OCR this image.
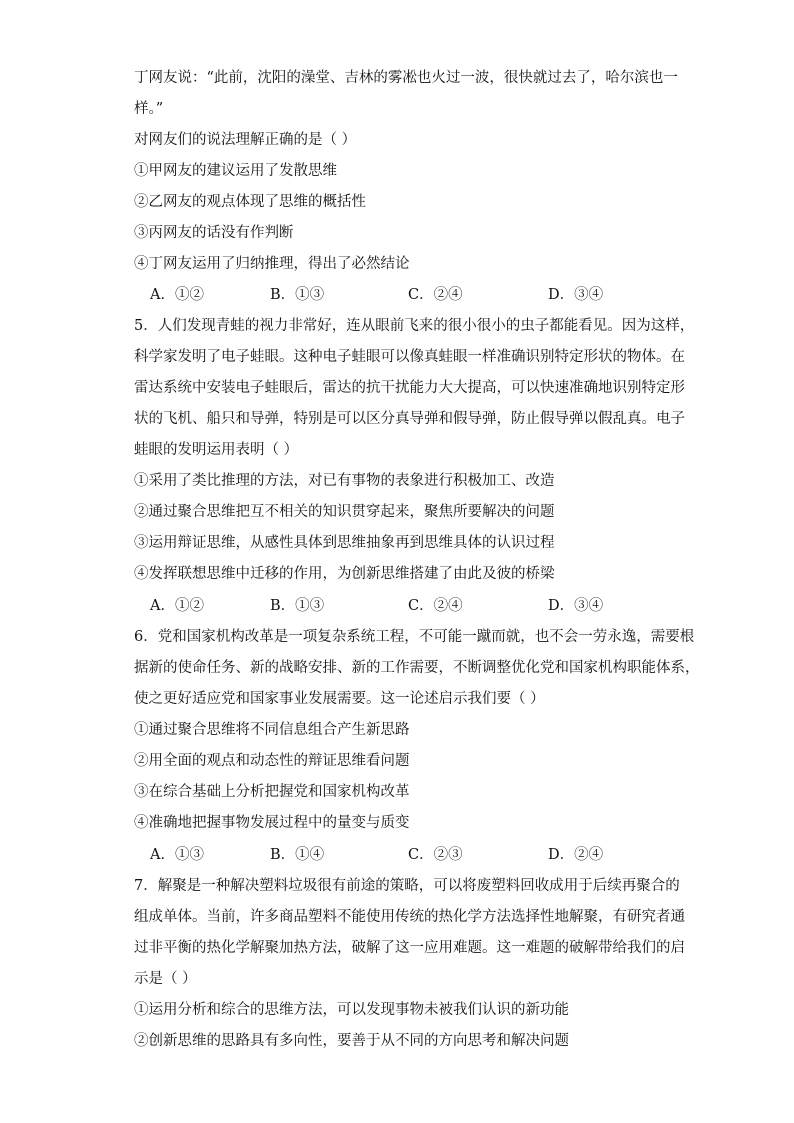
丁网友说：“此前，沈阳的澡堂、吉林的雾凇也火过一波，很快就过去了，哈尔滨也一
样。”
对网友们的说法理解正确的是（ ）
①甲网友的建议运用了发散思维
②乙网友的观点体现了思维的概括性
③丙网友的话没有作判断
④丁网友运用了归纳推理，得出了必然结论
A．①②	B．①③	C．②④	D．③④
5．人们发现青蛙的视力非常好，连从眼前飞来的很小很小的虫子都能看见。因为这样，
科学家发明了电子蛙眼。这种电子蛙眼可以像真蛙眼一样准确识别特定形状的物体。在
雷达系统中安装电子蛙眼后，雷达的抗干扰能力大大提高，可以快速准确地识别特定形
状的飞机、船只和导弹，特别是可以区分真导弹和假导弹，防止假导弹以假乱真。电子
蛙眼的发明运用表明（ ）
①采用了类比推理的方法，对已有事物的表象进行积极加工、改造
②通过聚合思维把互不相关的知识贯穿起来，聚焦所要解决的问题
③运用辩证思维，从感性具体到思维抽象再到思维具体的认识过程
④发挥联想思维中迁移的作用，为创新思维搭建了由此及彼的桥梁
A．①②	B．①③	C．②④	D．③④
6．党和国家机构改革是一项复杂系统工程，不可能一蹴而就，也不会一劳永逸，需要根
据新的使命任务、新的战略安排、新的工作需要，不断调整优化党和国家机构职能体系，
使之更好适应党和国家事业发展需要。这一论述启示我们要（ ）
①通过聚合思维将不同信息组合产生新思路
②用全面的观点和动态性的辩证思维看问题
③在综合基础上分析把握党和国家机构改革
④准确地把握事物发展过程中的量变与质变
A．①③	B．①④	C．②③	D．②④
7．解聚是一种解决塑料垃圾很有前途的策略，可以将废塑料回收成用于后续再聚合的
组成单体。当前，许多商品塑料不能使用传统的热化学方法选择性地解聚，有研究者通
过非平衡的热化学解聚加热方法，破解了这一应用难题。这一难题的破解带给我们的启
示是（ ）
①运用分析和综合的思维方法，可以发现事物未被我们认识的新功能
②创新思维的思路具有多向性，要善于从不同的方向思考和解决问题
